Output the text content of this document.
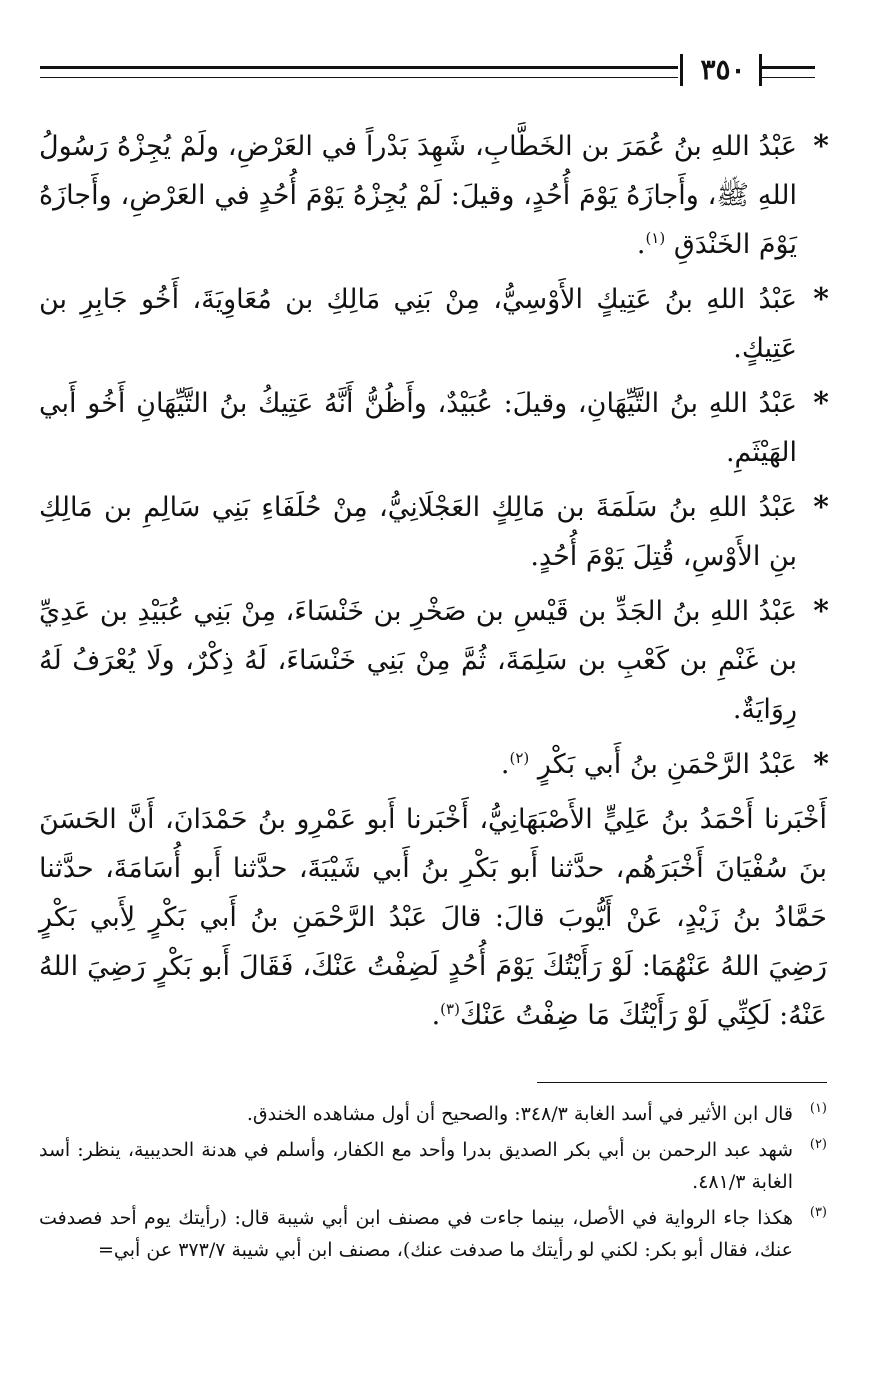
٣٥٠
*
عَبْدُ اللهِ بنُ عُمَرَ بن الخَطَّابِ، شَهِدَ بَدْراً في العَرْضِ، ولَمْ يُجِزْهُ رَسُولُ اللهِ ﷺ، وأَجازَهُ يَوْمَ أُحُدٍ، وقيلَ: لَمْ يُجِزْهُ يَوْمَ أُحُدٍ في العَرْضِ، وأَجازَهُ يَوْمَ الخَنْدَقِ $^{(١)}$.
*
عَبْدُ اللهِ بنُ عَتِيكٍ الأَوْسِيُّ، مِنْ بَنِي مَالِكِ بن مُعَاوِيَةَ، أَخُو جَابِرِ بن عَتِيكٍ.
*
عَبْدُ اللهِ بنُ التَّيِّهَانِ، وقيلَ: عُبَيْدٌ، وأَظُنُّ أَنَّهُ عَتِيكُ بنُ التَّيِّهَانِ أَخُو أَبي الهَيْثَمِ.
*
عَبْدُ اللهِ بنُ سَلَمَةَ بن مَالِكٍ العَجْلَانِيُّ، مِنْ حُلَفَاءِ بَنِي سَالِمِ بن مَالِكِ بنِ الأَوْسِ، قُتِلَ يَوْمَ أُحُدٍ.
*
عَبْدُ اللهِ بنُ الجَدِّ بن قَيْسِ بن صَخْرِ بن خَنْسَاءَ، مِنْ بَنِي عُبَيْدِ بن عَدِيِّ بن غَنْمِ بن كَعْبِ بن سَلِمَةَ، ثُمَّ مِنْ بَنِي خَنْسَاءَ، لَهُ ذِكْرٌ، ولَا يُعْرَفُ لَهُ رِوَايَةٌ.
*
عَبْدُ الرَّحْمَنِ بنُ أَبي بَكْرٍ $^{(٢)}$.
أَخْبَرنا أَحْمَدُ بنُ عَلِيٍّ الأَصْبَهَانِيُّ، أَخْبَرنا أَبو عَمْرِو بنُ حَمْدَانَ، أَنَّ الحَسَنَ بنَ سُفْيَانَ أَخْبَرَهُم، حدَّثنا أَبو بَكْرِ بنُ أَبي شَيْبَةَ، حدَّثنا أَبو أُسَامَةَ، حدَّثنا حَمَّادُ بنُ زَيْدٍ، عَنْ أَيُّوبَ قالَ: قالَ عَبْدُ الرَّحْمَنِ بنُ أَبي بَكْرٍ لِأَبي بَكْرٍ رَضِيَ اللهُ عَنْهُمَا: لَوْ رَأَيْتُكَ يَوْمَ أُحُدٍ لَضِفْتُ عَنْكَ، فَقَالَ أَبو بَكْرٍ رَضِيَ اللهُ عَنْهُ: لَكِنِّي لَوْ رَأَيْتُكَ مَا ضِفْتُ عَنْكَ$^{(٣)}$.
(١)
قال ابن الأثير في أسد الغابة ٣٤٨/٣: والصحيح أن أول مشاهده الخندق.
(٢)
شهد عبد الرحمن بن أبي بكر الصديق بدرا وأحد مع الكفار، وأسلم في هدنة الحديبية، ينظر: أسد الغابة ٤٨١/٣.
(٣)
هكذا جاء الرواية في الأصل، بينما جاءت في مصنف ابن أبي شيبة قال: (رأيتك يوم أحد فصدفت عنك، فقال أبو بكر: لكني لو رأيتك ما صدفت عنك)، مصنف ابن أبي شيبة ٣٧٣/٧ عن أبي=
